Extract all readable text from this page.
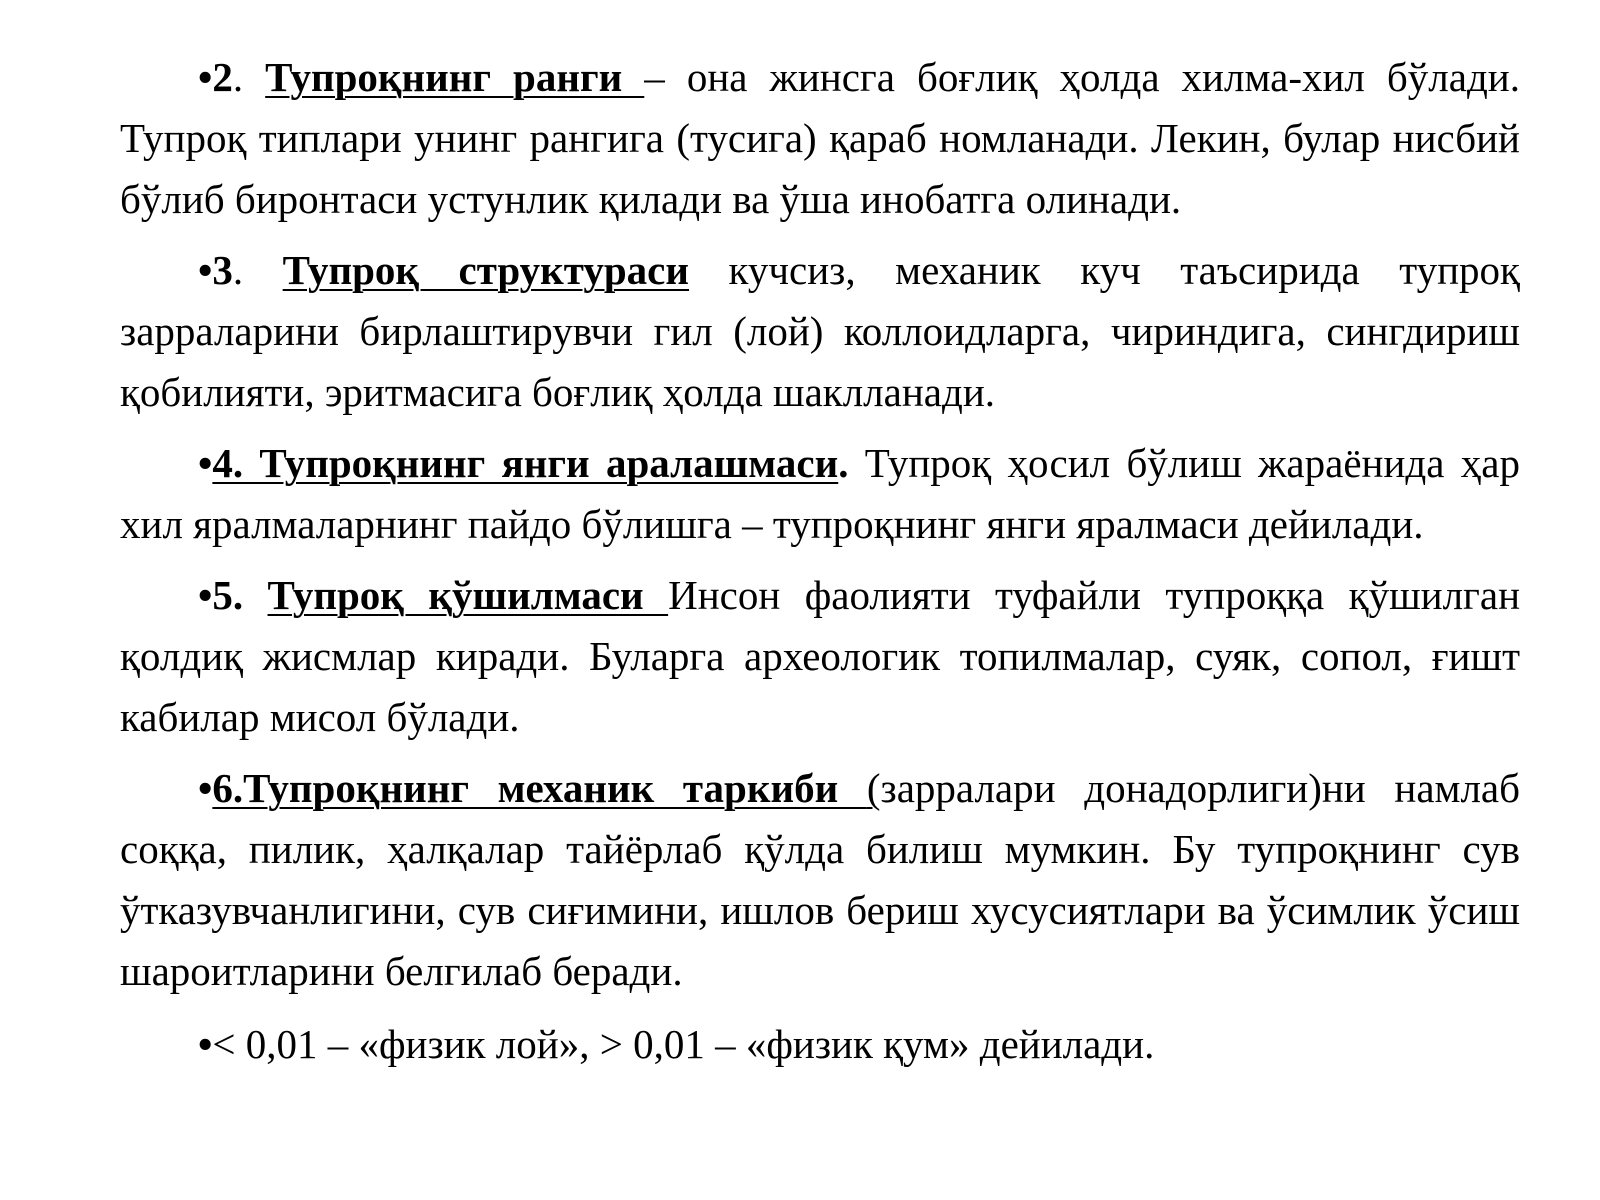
•2. Тупроқнинг ранги – она жинсга боғлиқ ҳолда хилма-хил бўлади. Тупроқ типлари унинг рангига (тусига) қараб номланади. Лекин, булар нисбий бўлиб биронтаси устунлик қилади ва ўша инобатга олинади.

•3. Тупроқ структураси кучсиз, механик куч таъсирида тупроқ зарраларини бирлаштирувчи гил (лой) коллоидларга, чириндига, сингдириш қобилияти, эритмасига боғлиқ ҳолда шаклланади.

•4. Тупроқнинг янги аралашмаси. Тупроқ ҳосил бўлиш жараёнида ҳар хил яралмаларнинг пайдо бўлишга – тупроқнинг янги яралмаси дейилади.

•5. Тупроқ қўшилмаси Инсон фаолияти туфайли тупроққа қўшилган қолдиқ жисмлар киради. Буларга археологик топилмалар, суяк, сопол, ғишт кабилар мисол бўлади.

•6.Тупроқнинг механик таркиби (зарралари донадорлиги)ни намлаб соққа, пилик, ҳалқалар тайёрлаб қўлда билиш мумкин. Бу тупроқнинг сув ўтказувчанлигини, сув сиғимини, ишлов бериш хусусиятлари ва ўсимлик ўсиш шароитларини белгилаб беради.

•< 0,01 – «физик лой», > 0,01 – «физик қум» дейилади.
